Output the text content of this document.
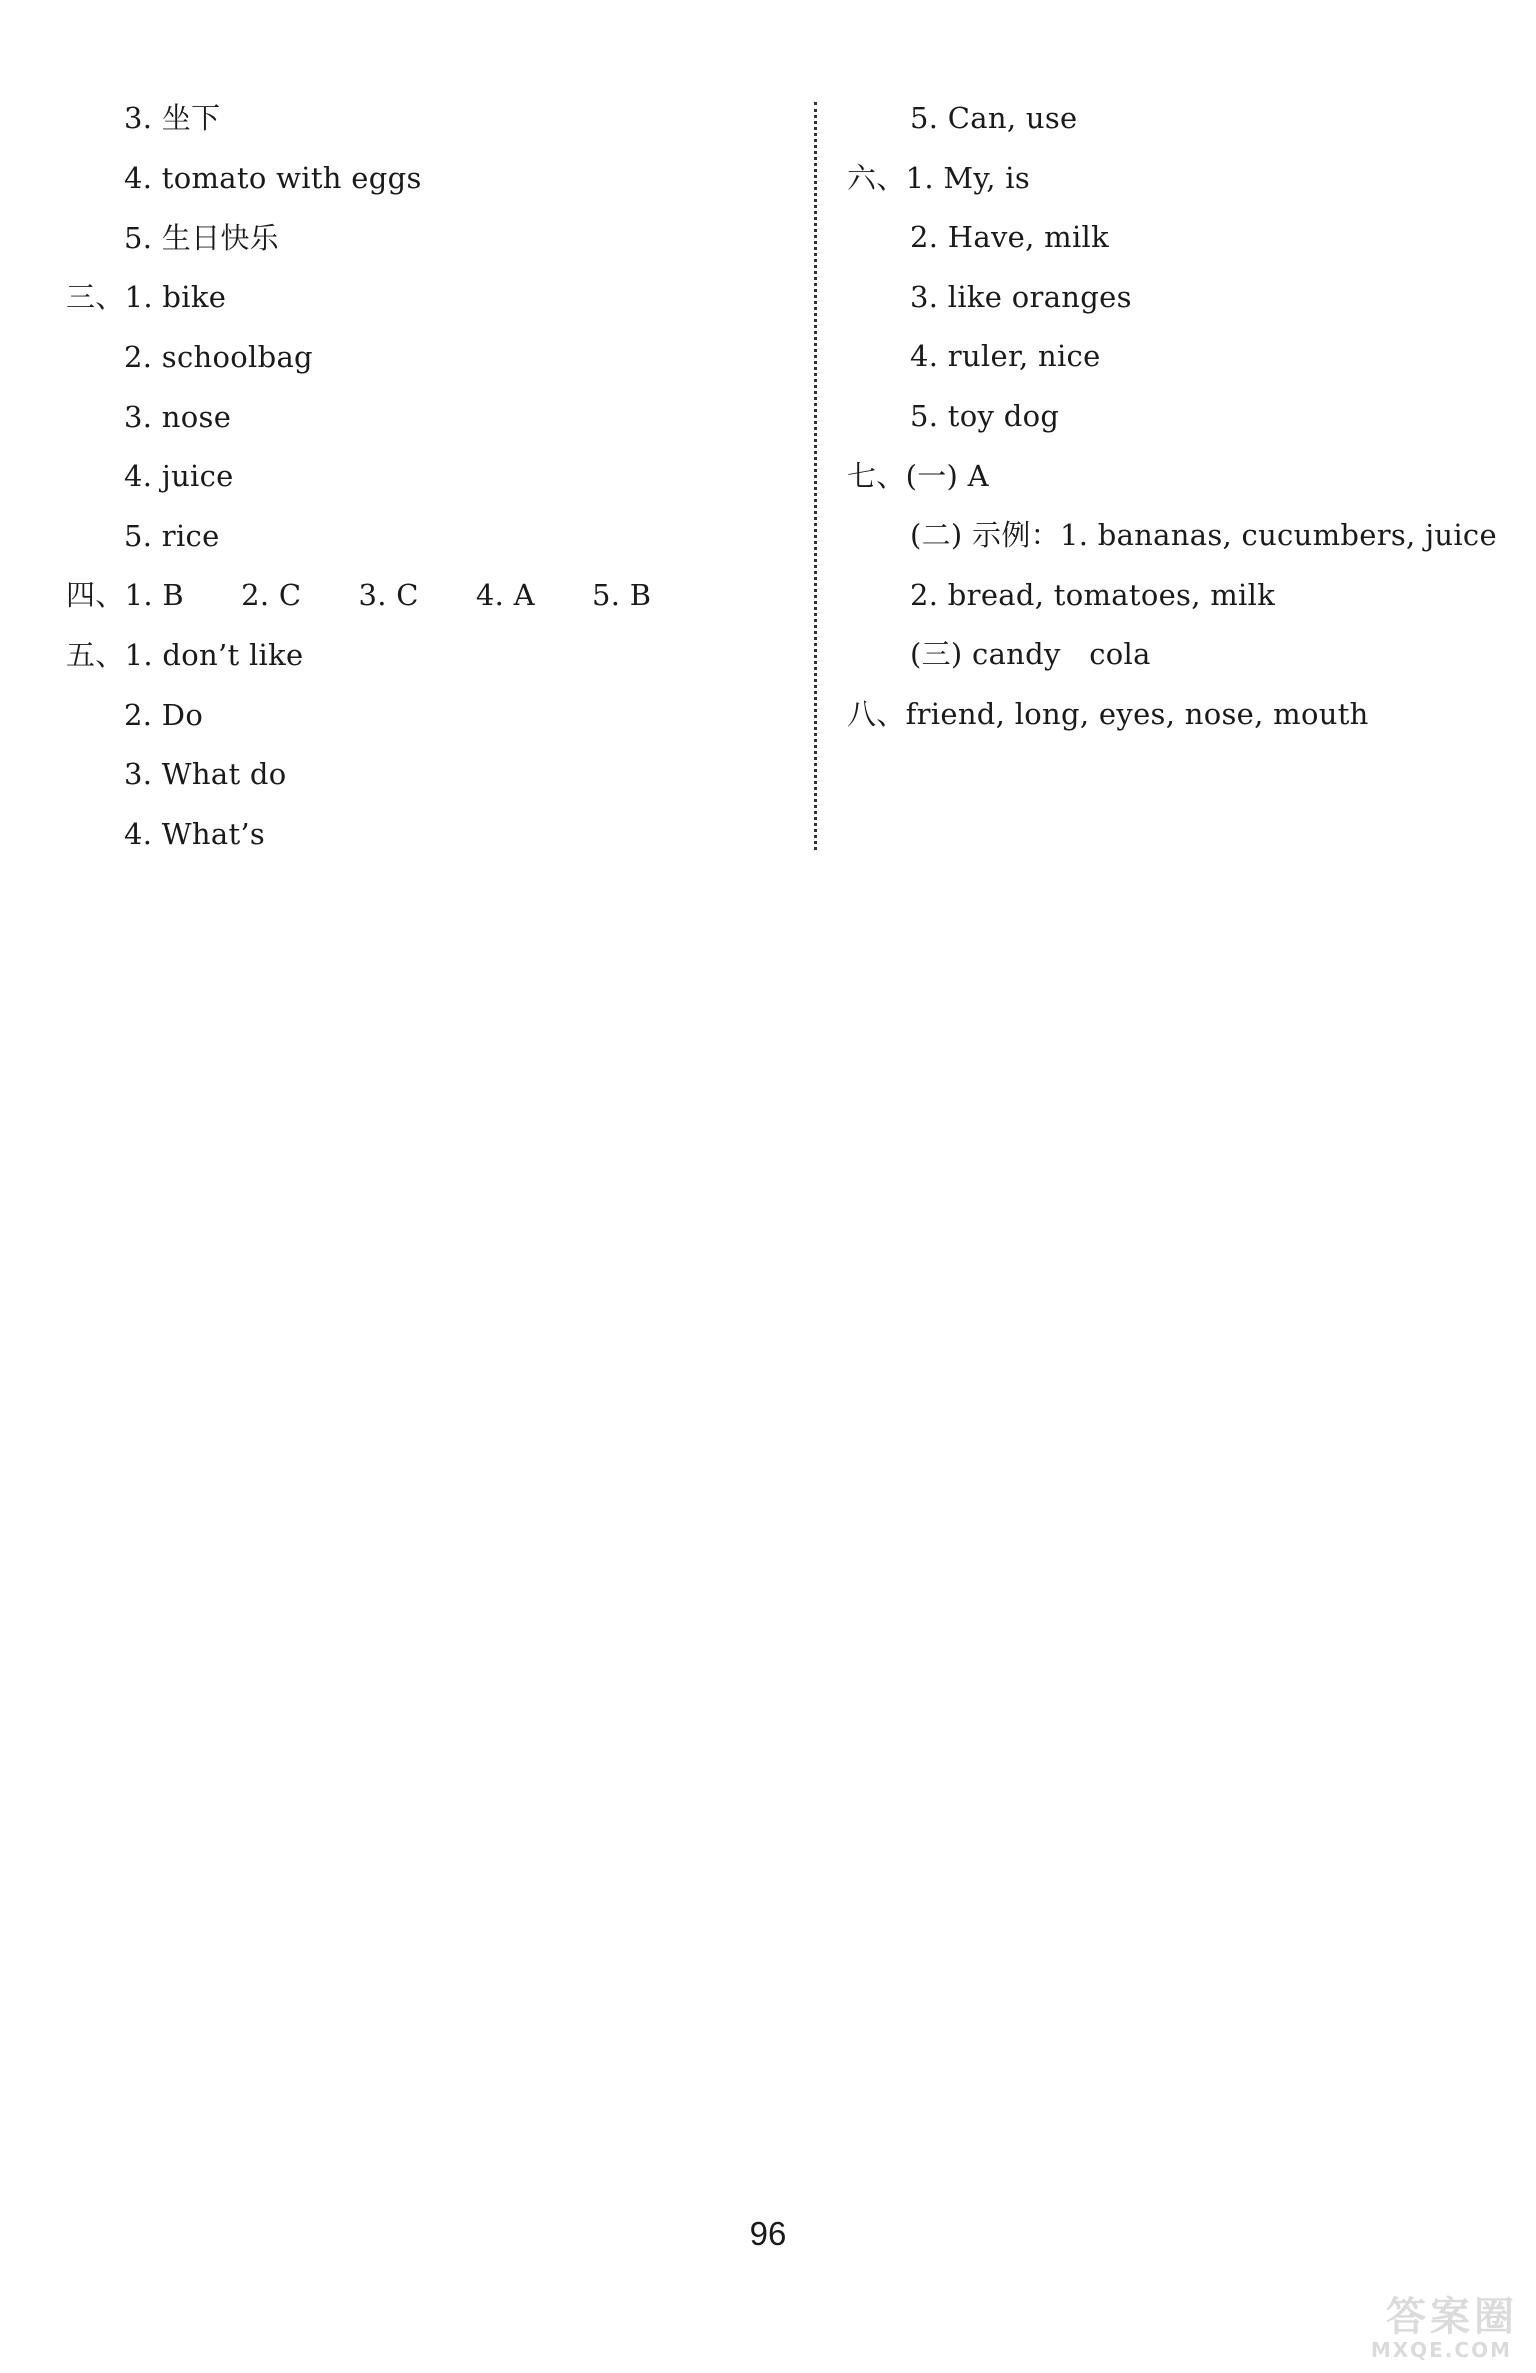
3. 坐下
4. tomato with eggs
5. 生日快乐
三、1. bike
2. schoolbag
3. nose
4. juice
5. rice
四、1. B      2. C      3. C      4. A      5. B
五、1. don’t like
2. Do
3. What do
4. What’s
5. Can, use
六、1. My, is
2. Have, milk
3. like oranges
4. ruler, nice
5. toy dog
七、(一) A
(二) 示例：1. bananas, cucumbers, juice
2. bread, tomatoes, milk
(三) candy   cola
八、friend, long, eyes, nose, mouth
96
答案圈
MXQE.COM
